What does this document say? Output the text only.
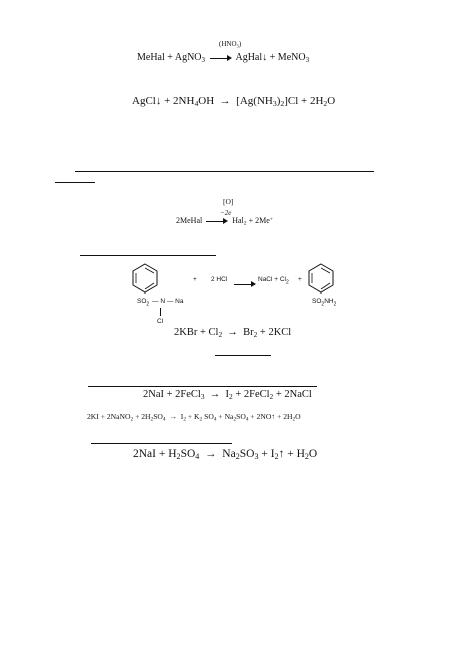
(HNO₃)
MeHal + AgNO$_3$	AgHal↓ + MeNO$_3$
AgCl↓ + $2NH_4OH \to [Ag(NH_3)_2]Cl + 2H_2O$
[O]
−2e
2MeHal	Hal$_2$ + 2Me+
$SO_2$ — N — Na
Cl
+ 2 HCl	NaCl + $Cl_2$ +
$SO_2NH_2$
$2KBr + Cl_2 \to Br_2 + 2KCl$
2NaI + 2FeCl$_3$  →  $I_2$ + 2FeCl$_2$ + 2NaCl
2KI + 2NaNO$_2$ + $2H_2SO_4 \to I_2 + K_2$ $SO_4 + Na_2SO_4$ + 2NO↑ + $2H_2O$
$2NaI + H_2SO_4 \to Na_2SO_3$ + $I_2↑ + H_2O$
